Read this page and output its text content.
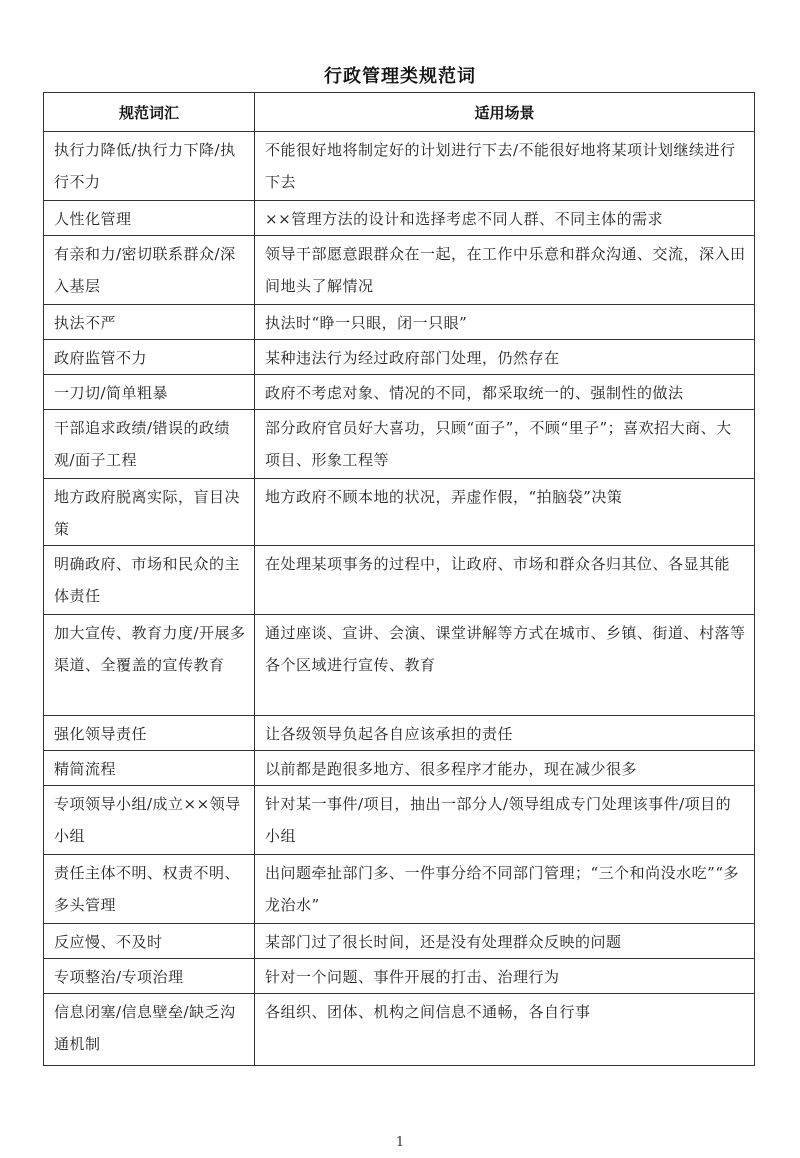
行政管理类规范词
规范词汇	适用场景
执行力降低/执行力下降/执行不力	不能很好地将制定好的计划进行下去/不能很好地将某项计划继续进行下去
人性化管理	××管理方法的设计和选择考虑不同人群、不同主体的需求
有亲和力/密切联系群众/深入基层	领导干部愿意跟群众在一起，在工作中乐意和群众沟通、交流，深入田间地头了解情况
执法不严	执法时“睁一只眼，闭一只眼”
政府监管不力	某种违法行为经过政府部门处理，仍然存在
一刀切/简单粗暴	政府不考虑对象、情况的不同，都采取统一的、强制性的做法
干部追求政绩/错误的政绩观/面子工程	部分政府官员好大喜功，只顾“面子”，不顾“里子”；喜欢招大商、大项目、形象工程等
地方政府脱离实际，盲目决策	地方政府不顾本地的状况，弄虚作假，“拍脑袋”决策
明确政府、市场和民众的主体责任	在处理某项事务的过程中，让政府、市场和群众各归其位、各显其能
加大宣传、教育力度/开展多渠道、全覆盖的宣传教育	通过座谈、宣讲、会演、课堂讲解等方式在城市、乡镇、街道、村落等各个区域进行宣传、教育
强化领导责任	让各级领导负起各自应该承担的责任
精简流程	以前都是跑很多地方、很多程序才能办，现在减少很多
专项领导小组/成立××领导小组	针对某一事件/项目，抽出一部分人/领导组成专门处理该事件/项目的小组
责任主体不明、权责不明、多头管理	出问题牵扯部门多、一件事分给不同部门管理；“三个和尚没水吃”“多龙治水”
反应慢、不及时	某部门过了很长时间，还是没有处理群众反映的问题
专项整治/专项治理	针对一个问题、事件开展的打击、治理行为
信息闭塞/信息壁垒/缺乏沟通机制	各组织、团体、机构之间信息不通畅，各自行事
1
